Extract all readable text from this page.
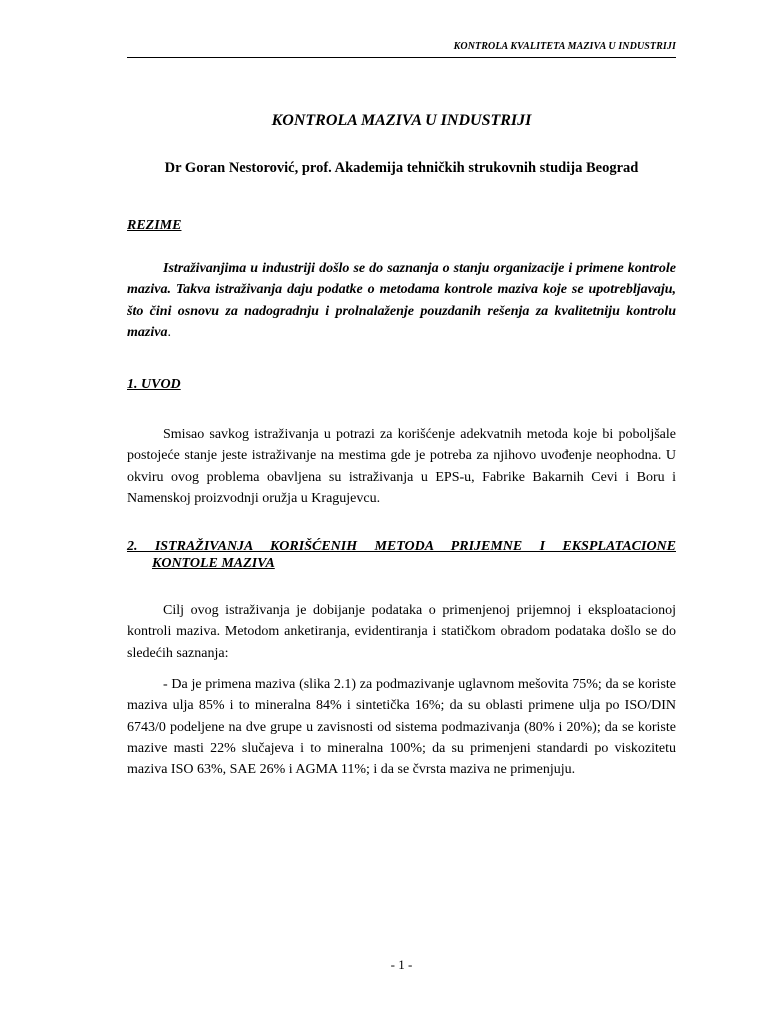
KONTROLA KVALITETA MAZIVA U INDUSTRIJI
KONTROLA MAZIVA U INDUSTRIJI
Dr Goran Nestorović, prof. Akademija tehničkih strukovnih studija Beograd
REZIME
Istraživanjima u industriji došlo se do saznanja o stanju organizacije i primene kontrole maziva. Takva istraživanja daju podatke o metodama kontrole maziva koje se upotrebljavaju, što čini osnovu za nadogradnju i prolnalaženje pouzdanih rešenja za kvalitetniju kontrolu maziva.
1. UVOD
Smisao savkog istraživanja u potrazi za korišćenje adekvatnih metoda koje bi poboljšale postojeće stanje jeste istraživanje na mestima gde je potreba za njihovo uvođenje neophodna. U okviru ovog problema obavljena su istraživanja u EPS-u, Fabrike Bakarnih Cevi i Boru i Namenskoj proizvodnji oružja u Kragujevcu.
2. ISTRAŽIVANJA KORIŠĆENIH METODA PRIJEMNE I EKSPLATACIONE
KONTOLE MAZIVA
Cilj ovog istraživanja je dobijanje podataka o primenjenoj prijemnoj i eksploatacionoj kontroli maziva. Metodom anketiranja, evidentiranja i statičkom obradom podataka došlo se do sledećih saznanja:
- Da je primena maziva (slika 2.1) za podmazivanje uglavnom mešovita 75%; da se koriste maziva ulja 85% i to mineralna 84% i sintetička 16%; da su oblasti primene ulja po ISO/DIN 6743/0 podeljene na dve grupe u zavisnosti od sistema podmazivanja (80% i 20%); da se koriste mazive masti 22% slučajeva i to mineralna 100%; da su primenjeni standardi po viskozitetu maziva ISO 63%, SAE 26% i AGMA 11%; i da se čvrsta maziva ne primenjuju.
- 1 -
